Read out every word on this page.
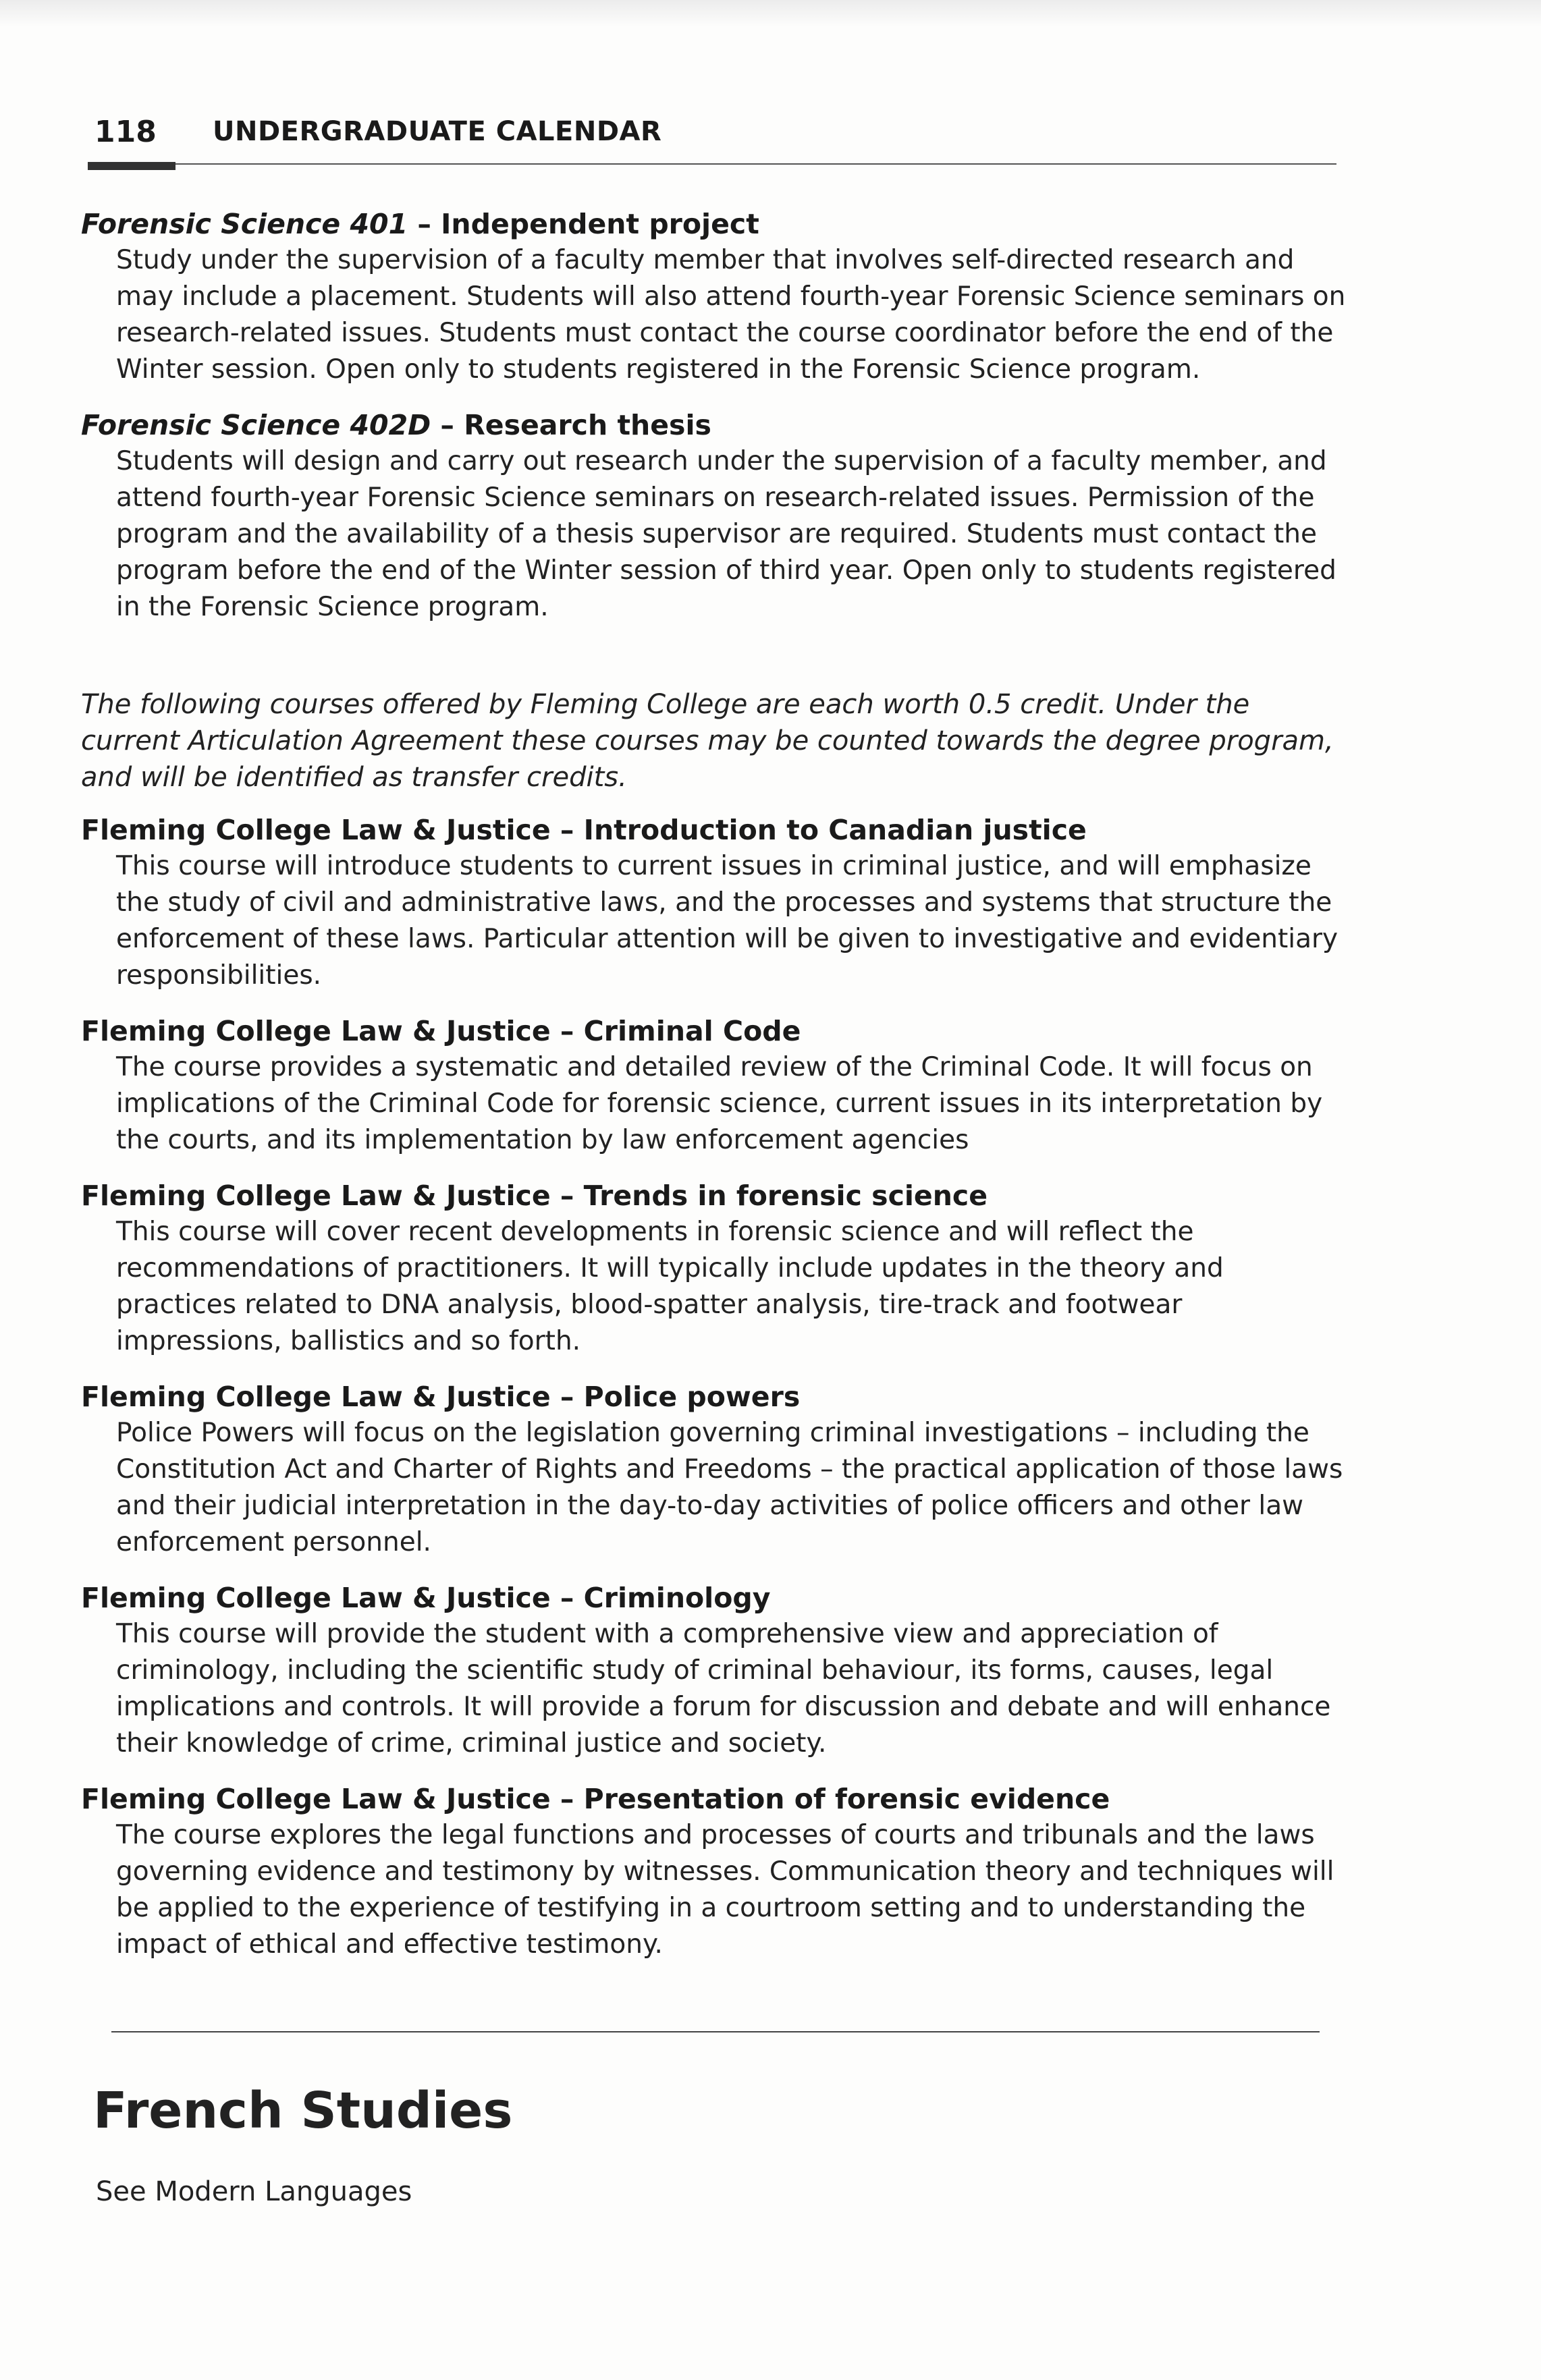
118 UNDERGRADUATE CALENDAR
Forensic Science 401 – Independent project
Study under the supervision of a faculty member that involves self-directed research and may include a placement. Students will also attend fourth-year Forensic Science seminars on research-related issues. Students must contact the course coordinator before the end of the Winter session. Open only to students registered in the Forensic Science program.
Forensic Science 402D – Research thesis
Students will design and carry out research under the supervision of a faculty member, and attend fourth-year Forensic Science seminars on research-related issues. Permission of the program and the availability of a thesis supervisor are required. Students must contact the program before the end of the Winter session of third year. Open only to students registered in the Forensic Science program.
The following courses offered by Fleming College are each worth 0.5 credit. Under the current Articulation Agreement these courses may be counted towards the degree program, and will be identified as transfer credits.
Fleming College Law & Justice – Introduction to Canadian justice
This course will introduce students to current issues in criminal justice, and will emphasize the study of civil and administrative laws, and the processes and systems that structure the enforcement of these laws. Particular attention will be given to investigative and evidentiary responsibilities.
Fleming College Law & Justice – Criminal Code
The course provides a systematic and detailed review of the Criminal Code. It will focus on implications of the Criminal Code for forensic science, current issues in its interpretation by the courts, and its implementation by law enforcement agencies
Fleming College Law & Justice – Trends in forensic science
This course will cover recent developments in forensic science and will reflect the recommendations of practitioners. It will typically include updates in the theory and practices related to DNA analysis, blood-spatter analysis, tire-track and footwear impressions, ballistics and so forth.
Fleming College Law & Justice – Police powers
Police Powers will focus on the legislation governing criminal investigations – including the Constitution Act and Charter of Rights and Freedoms – the practical application of those laws and their judicial interpretation in the day-to-day activities of police officers and other law enforcement personnel.
Fleming College Law & Justice – Criminology
This course will provide the student with a comprehensive view and appreciation of criminology, including the scientific study of criminal behaviour, its forms, causes, legal implications and controls. It will provide a forum for discussion and debate and will enhance their knowledge of crime, criminal justice and society.
Fleming College Law & Justice – Presentation of forensic evidence
The course explores the legal functions and processes of courts and tribunals and the laws governing evidence and testimony by witnesses. Communication theory and techniques will be applied to the experience of testifying in a courtroom setting and to understanding the impact of ethical and effective testimony.
French Studies
See Modern Languages
